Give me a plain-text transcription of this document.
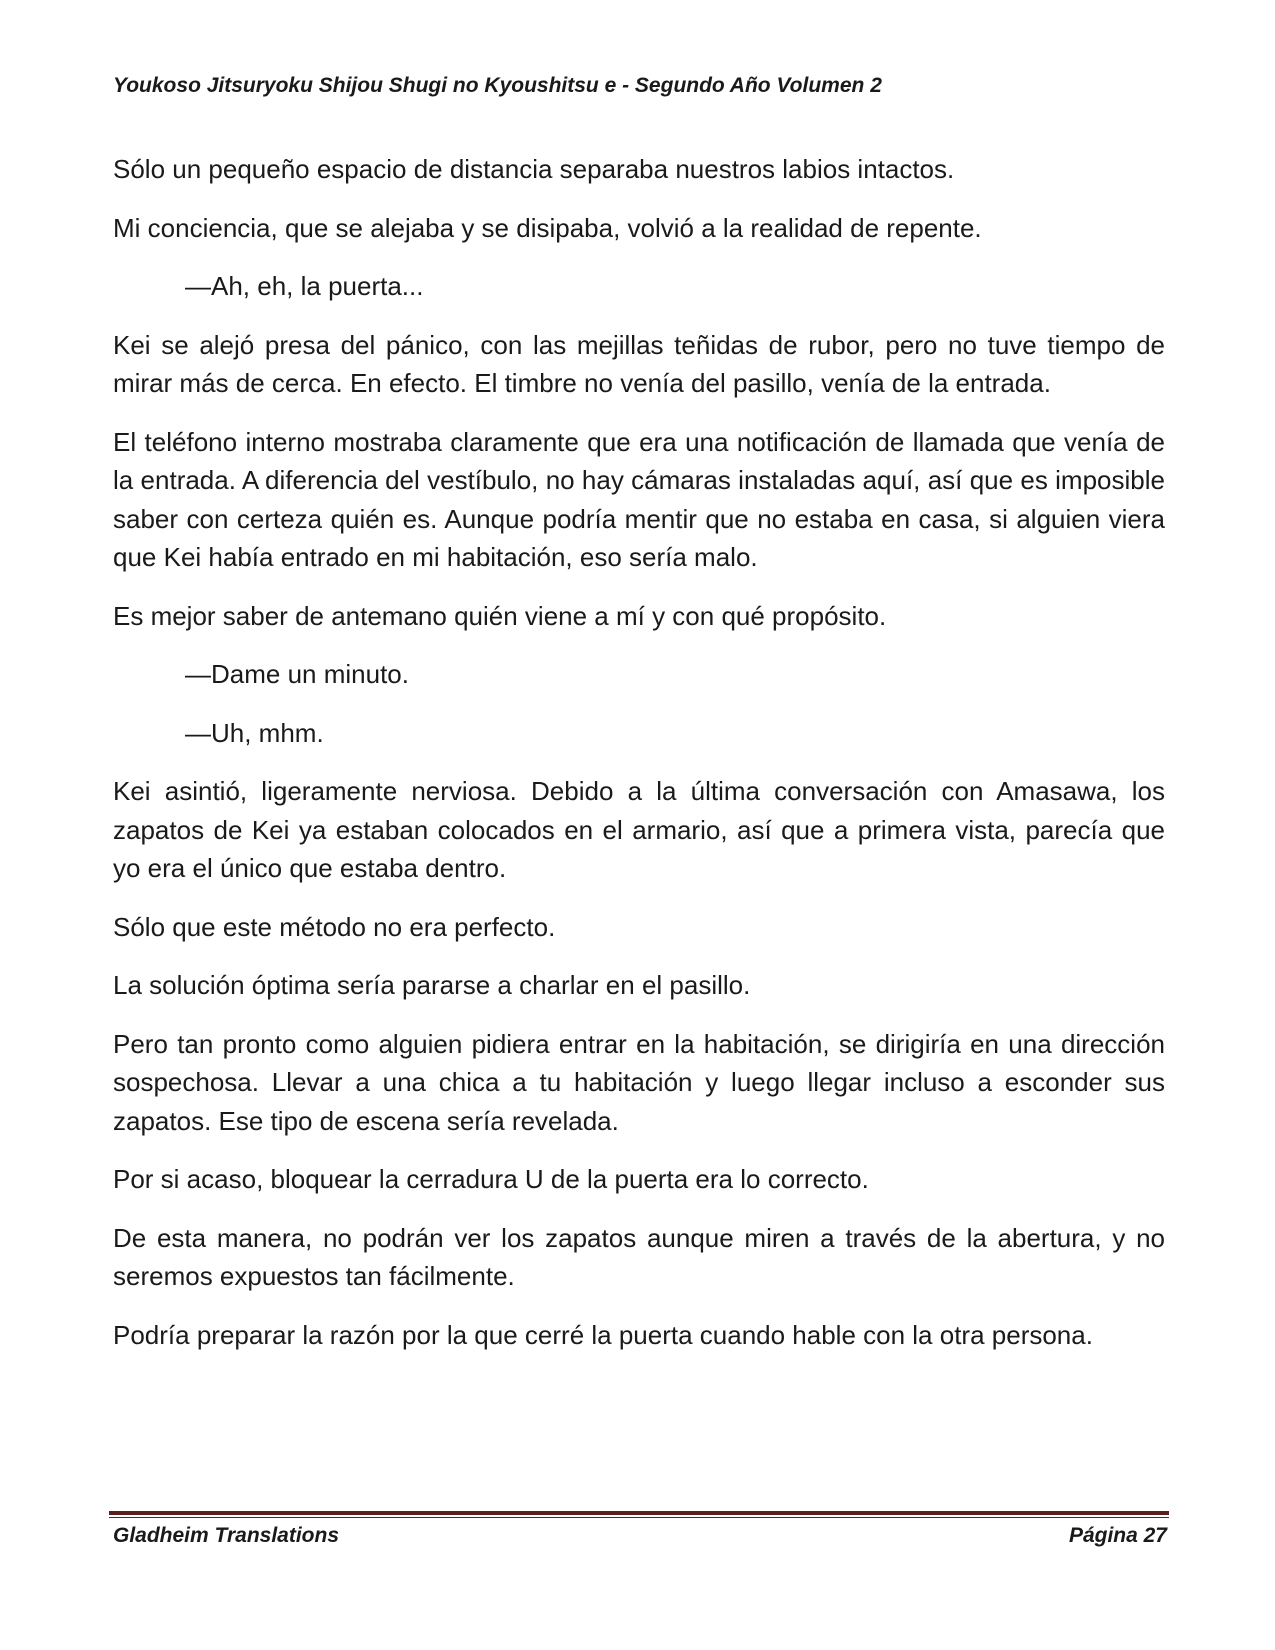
Youkoso Jitsuryoku Shijou Shugi no Kyoushitsu e - Segundo Año Volumen 2

Sólo un pequeño espacio de distancia separaba nuestros labios intactos.

Mi conciencia, que se alejaba y se disipaba, volvió a la realidad de repente.

—Ah, eh, la puerta...

Kei se alejó presa del pánico, con las mejillas teñidas de rubor, pero no tuve tiempo de mirar más de cerca. En efecto. El timbre no venía del pasillo, venía de la entrada.

El teléfono interno mostraba claramente que era una notificación de llamada que venía de la entrada. A diferencia del vestíbulo, no hay cámaras instaladas aquí, así que es imposible saber con certeza quién es. Aunque podría mentir que no estaba en casa, si alguien viera que Kei había entrado en mi habitación, eso sería malo.

Es mejor saber de antemano quién viene a mí y con qué propósito.

—Dame un minuto.

—Uh, mhm.

Kei asintió, ligeramente nerviosa. Debido a la última conversación con Amasawa, los zapatos de Kei ya estaban colocados en el armario, así que a primera vista, parecía que yo era el único que estaba dentro.

Sólo que este método no era perfecto.

La solución óptima sería pararse a charlar en el pasillo.

Pero tan pronto como alguien pidiera entrar en la habitación, se dirigiría en una dirección sospechosa. Llevar a una chica a tu habitación y luego llegar incluso a esconder sus zapatos. Ese tipo de escena sería revelada.

Por si acaso, bloquear la cerradura U de la puerta era lo correcto.

De esta manera, no podrán ver los zapatos aunque miren a través de la abertura, y no seremos expuestos tan fácilmente.

Podría preparar la razón por la que cerré la puerta cuando hable con la otra persona.

Gladheim Translations	Página 27
